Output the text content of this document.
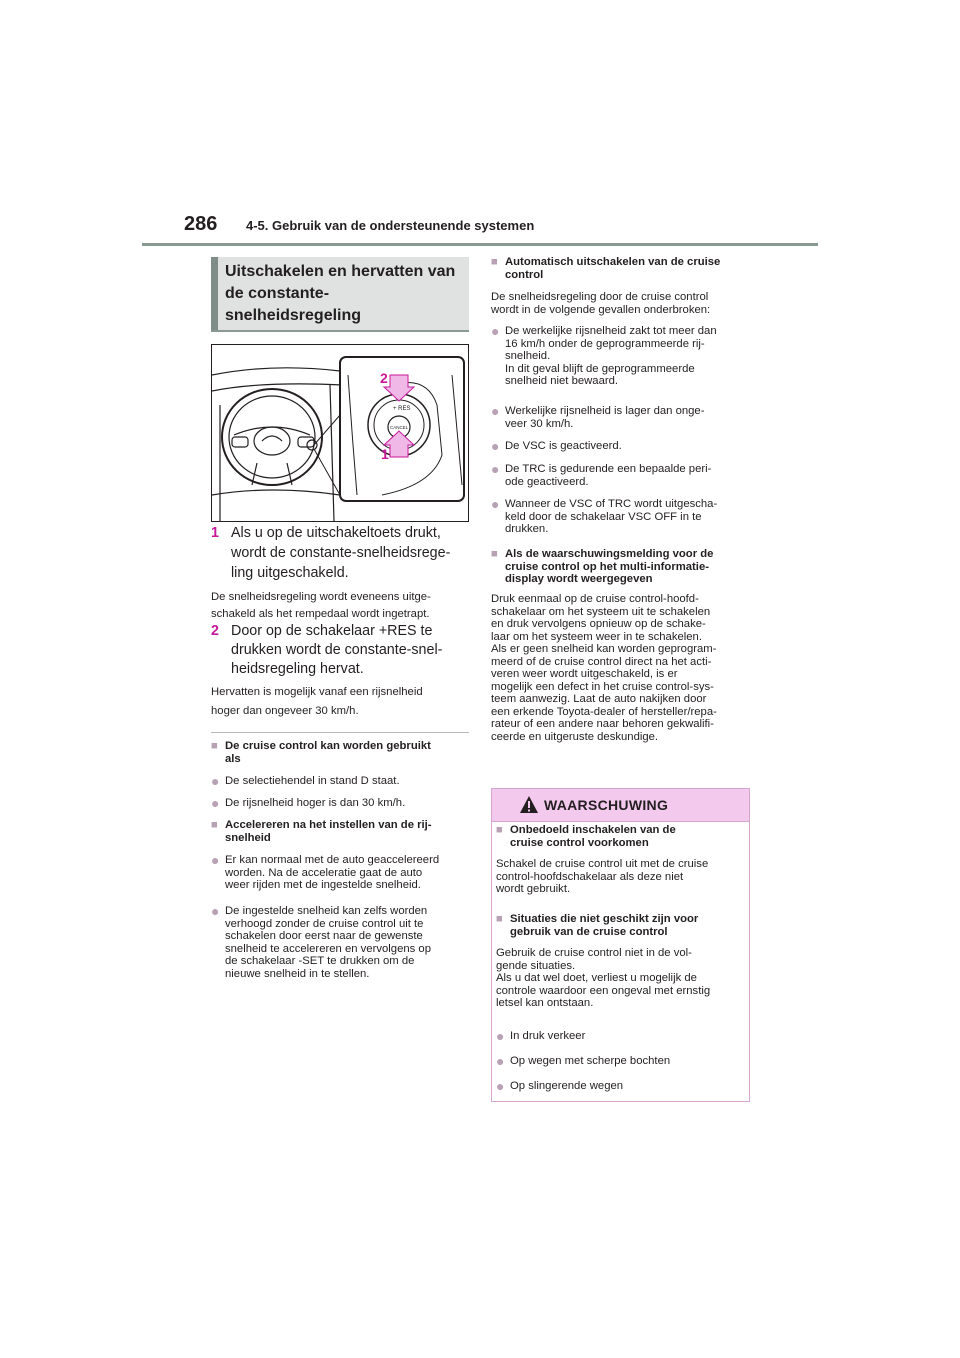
286 4-5. Gebruik van de ondersteunende systemen
Uitschakelen en hervatten van de constante-snelheidsregeling
+ RES
CANCEL
2
1
1 Als u op de uitschakeltoets drukt,
wordt de constante-snelheidsrege-
ling uitgeschakeld.
De snelheidsregeling wordt eveneens uitge-
schakeld als het rempedaal wordt ingetrapt.
2 Door op de schakelaar +RES te
drukken wordt de constante-snel-
heidsregeling hervat.
Hervatten is mogelijk vanaf een rijsnelheid
hoger dan ongeveer 30 km/h.
■ De cruise control kan worden gebruikt
als
● De selectiehendel in stand D staat.
● De rijsnelheid hoger is dan 30 km/h.
■ Accelereren na het instellen van de rij-
snelheid
● Er kan normaal met de auto geaccelereerd
worden. Na de acceleratie gaat de auto
weer rijden met de ingestelde snelheid.
● De ingestelde snelheid kan zelfs worden
verhoogd zonder de cruise control uit te
schakelen door eerst naar de gewenste
snelheid te accelereren en vervolgens op
de schakelaar -SET te drukken om de
nieuwe snelheid in te stellen.
■ Automatisch uitschakelen van de cruise
control
De snelheidsregeling door de cruise control
wordt in de volgende gevallen onderbroken:
● De werkelijke rijsnelheid zakt tot meer dan
16 km/h onder de geprogrammeerde rij-
snelheid.
In dit geval blijft de geprogrammeerde
snelheid niet bewaard.
● Werkelijke rijsnelheid is lager dan onge-
veer 30 km/h.
● De VSC is geactiveerd.
● De TRC is gedurende een bepaalde peri-
ode geactiveerd.
● Wanneer de VSC of TRC wordt uitgescha-
keld door de schakelaar VSC OFF in te
drukken.
■ Als de waarschuwingsmelding voor de
cruise control op het multi-informatie-
display wordt weergegeven
Druk eenmaal op de cruise control-hoofd-
schakelaar om het systeem uit te schakelen
en druk vervolgens opnieuw op de schake-
laar om het systeem weer in te schakelen.
Als er geen snelheid kan worden geprogram-
meerd of de cruise control direct na het acti-
veren weer wordt uitgeschakeld, is er
mogelijk een defect in het cruise control-sys-
teem aanwezig. Laat de auto nakijken door
een erkende Toyota-dealer of hersteller/repa-
rateur of een andere naar behoren gekwalifi-
ceerde en uitgeruste deskundige.
WAARSCHUWING
■ Onbedoeld inschakelen van de
cruise control voorkomen
Schakel de cruise control uit met de cruise
control-hoofdschakelaar als deze niet
wordt gebruikt.
■ Situaties die niet geschikt zijn voor
gebruik van de cruise control
Gebruik de cruise control niet in de vol-
gende situaties.
Als u dat wel doet, verliest u mogelijk de
controle waardoor een ongeval met ernstig
letsel kan ontstaan.
● In druk verkeer
● Op wegen met scherpe bochten
● Op slingerende wegen
